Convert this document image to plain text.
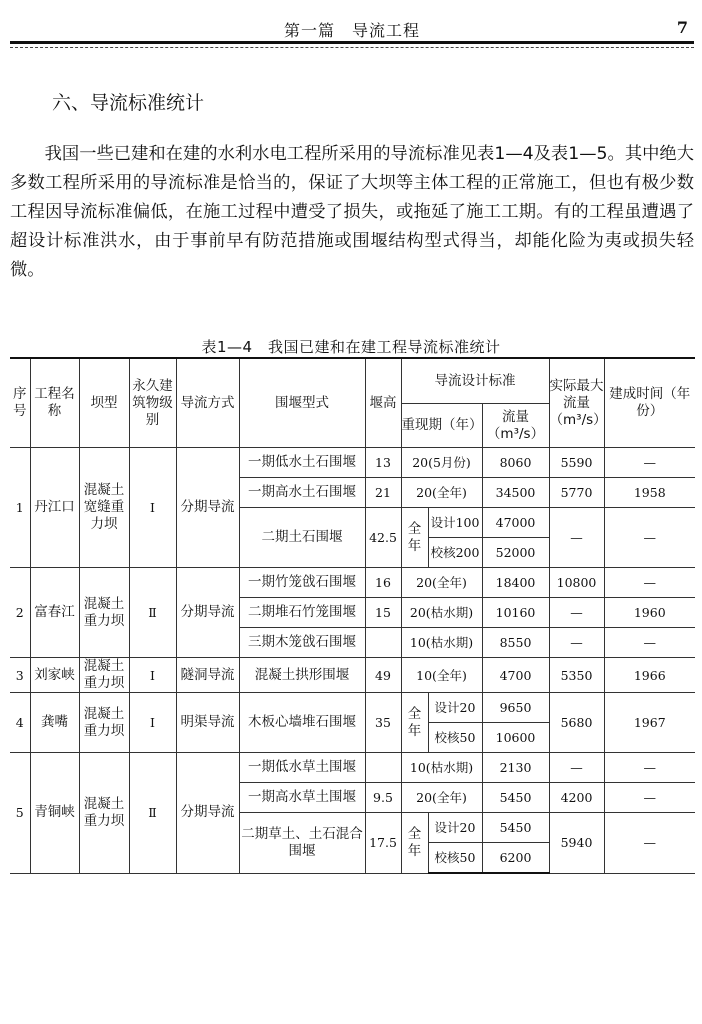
第一篇　导流工程	7
六、导流标准统计

我国一些已建和在建的水利水电工程所采用的导流标准见表1—4及表1—5。其中绝大多数工程所采用的导流标准是恰当的，保证了大坝等主体工程的正常施工，但也有极少数工程因导流标准偏低，在施工过程中遭受了损失，或拖延了施工工期。有的工程虽遭遇了超设计标准洪水，由于事前早有防范措施或围堰结构型式得当，却能化险为夷或损失轻微。

表1—4　我国已建和在建工程导流标准统计
序号	工程名称	坝型	永久建筑物级别	导流方式	围堰型式	堰高	导流设计标准			实际最大流量（m³/s）	建成时间（年份）
							重现期（年）		流量（m³/s）		
1	丹江口	混凝土宽缝重力坝	Ⅰ	分期导流	一期低水土石围堰	13	20(5月份)		8060	5590	—
					一期高水土石围堰	21	20(全年)		34500	5770	1958
					二期土石围堰	42.5	全年	设计100	47000	—	—
								校核200	52000		
2	富春江	混凝土重力坝	Ⅱ	分期导流	一期竹笼戗石围堰	16	20(全年)		18400	10800	—
					二期堆石竹笼围堰	15	20(枯水期)		10160	—	1960
					三期木笼戗石围堰		10(枯水期)		8550	—	—
3	刘家峡	混凝土重力坝	Ⅰ	隧洞导流	混凝土拱形围堰	49	10(全年)		4700	5350	1966
4	龚嘴	混凝土重力坝	Ⅰ	明渠导流	木板心墙堆石围堰	35	全年	设计20	9650	5680	1967
								校核50	10600		
5	青铜峡	混凝土重力坝	Ⅱ	分期导流	一期低水草土围堰		10(枯水期)		2130	—	—
					一期高水草土围堰	9.5	20(全年)		5450	4200	—
					二期草土、土石混合围堰	17.5	全年	设计20	5450	5940	—
								校核50	6200		
